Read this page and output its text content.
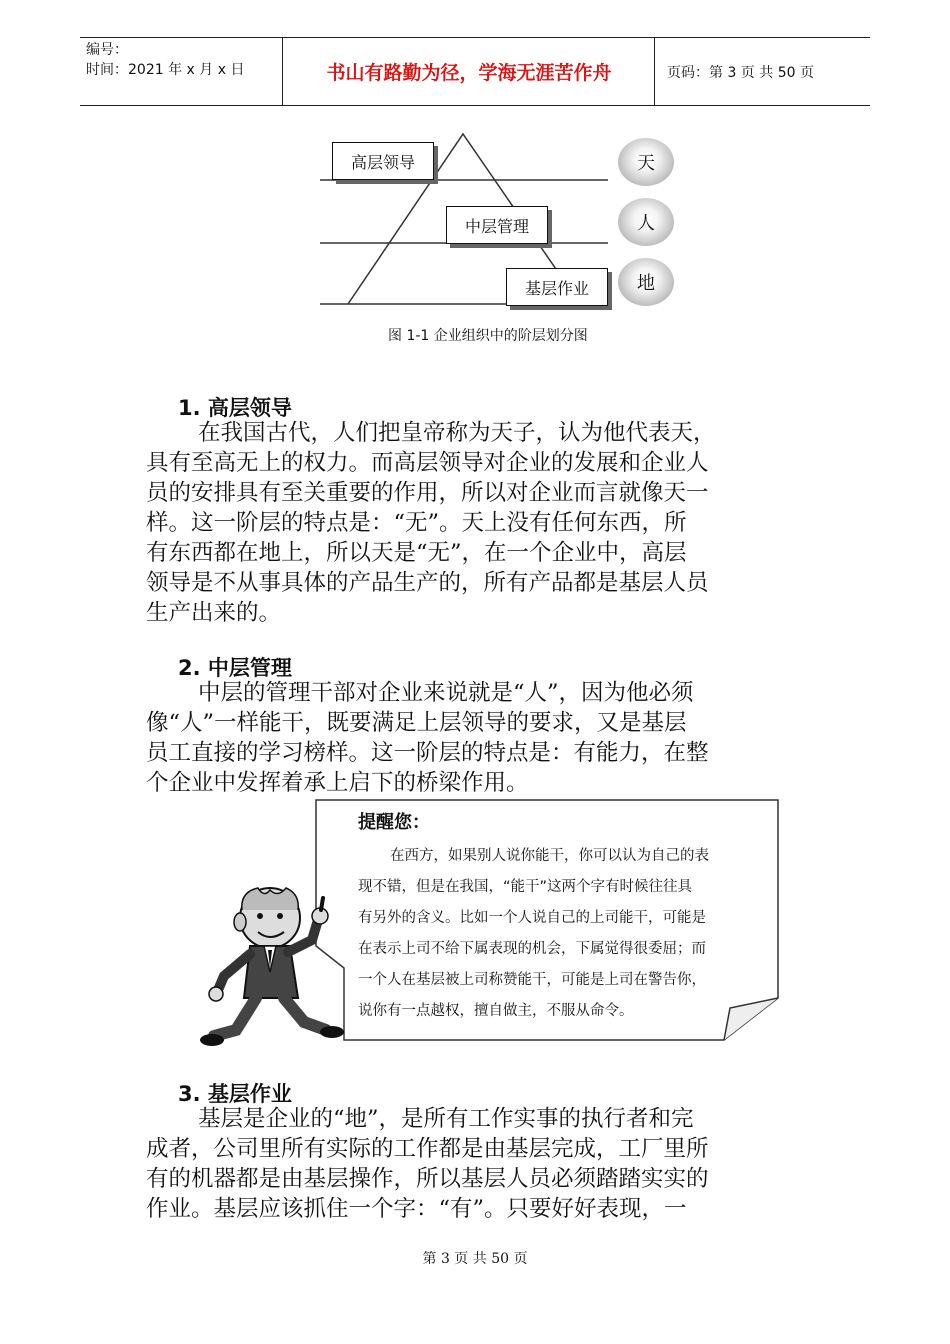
编号：
时间：2021 年 x 月 x 日	书山有路勤为径，学海无涯苦作舟	页码：第 3 页 共 50 页
高层领导
中层管理
基层作业
天
人
地
图 1-1 企业组织中的阶层划分图
1. 高层领导
在我国古代，人们把皇帝称为天子，认为他代表天，
具有至高无上的权力。而高层领导对企业的发展和企业人
员的安排具有至关重要的作用，所以对企业而言就像天一
样。这一阶层的特点是：“无”。天上没有任何东西，所
有东西都在地上，所以天是“无”，在一个企业中，高层
领导是不从事具体的产品生产的，所有产品都是基层人员
生产出来的。
2. 中层管理
中层的管理干部对企业来说就是“人”，因为他必须
像“人”一样能干，既要满足上层领导的要求，又是基层
员工直接的学习榜样。这一阶层的特点是：有能力，在整
个企业中发挥着承上启下的桥梁作用。
提醒您：
在西方，如果别人说你能干，你可以认为自己的表
现不错，但是在我国，“能干”这两个字有时候往往具
有另外的含义。比如一个人说自己的上司能干，可能是
在表示上司不给下属表现的机会，下属觉得很委屈；而
一个人在基层被上司称赞能干，可能是上司在警告你，
说你有一点越权，擅自做主，不服从命令。
3. 基层作业
基层是企业的“地”，是所有工作实事的执行者和完
成者，公司里所有实际的工作都是由基层完成，工厂里所
有的机器都是由基层操作，所以基层人员必须踏踏实实的
作业。基层应该抓住一个字：“有”。只要好好表现，一
第 3 页 共 50 页
